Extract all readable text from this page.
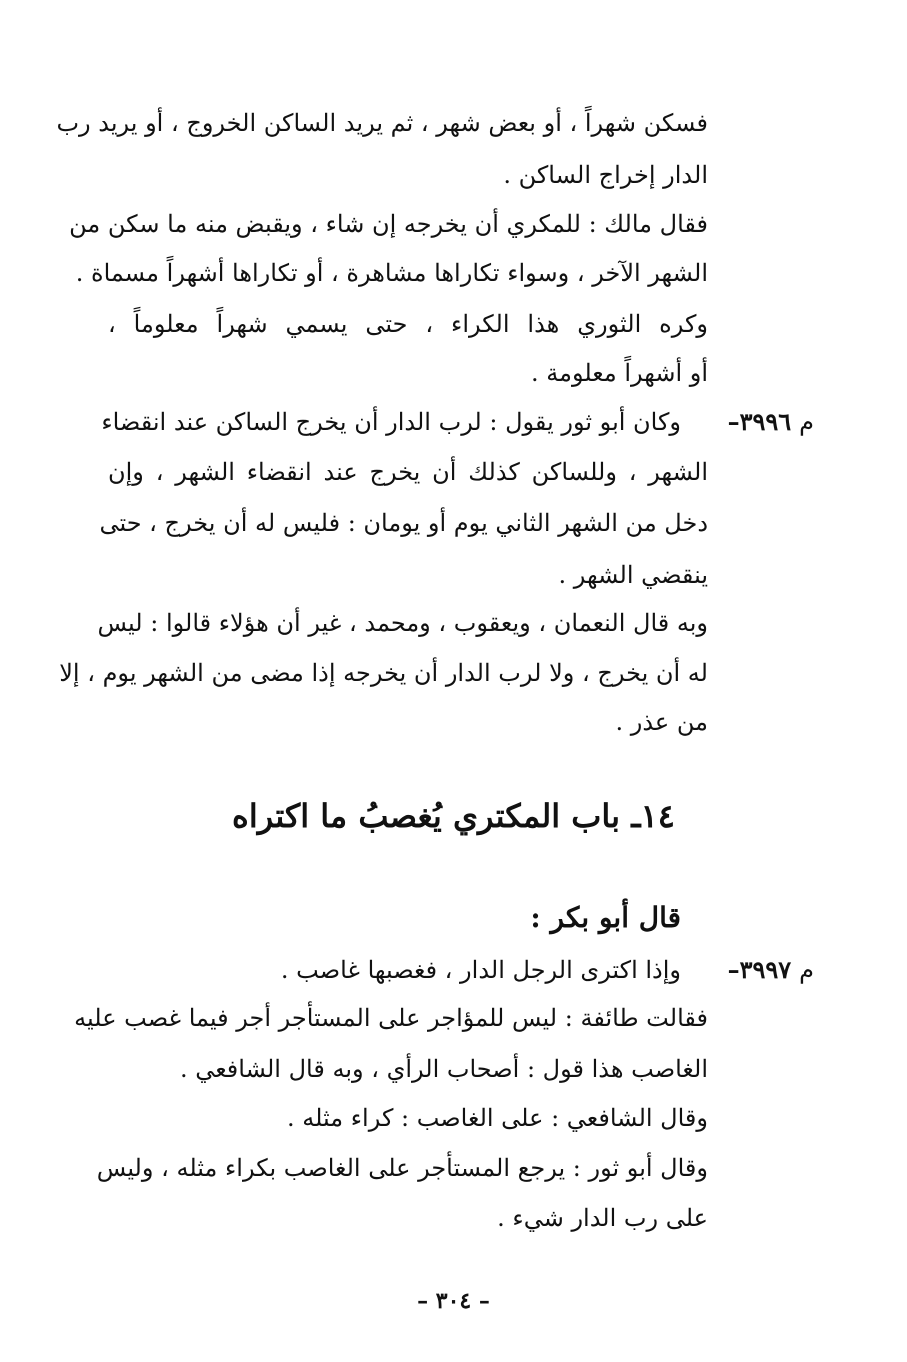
فسكن شهراً ، أو بعض شهر ، ثم يريد الساكن الخروج ، أو يريد رب
الدار إخراج الساكن .
فقال مالك : للمكري أن يخرجه إن شاء ، ويقبض منه ما سكن من
الشهر الآخر ، وسواء تكاراها مشاهرة ، أو تكاراها أشهراً مسماة .
وكره الثوري هذا الكراء ، حتى يسمي شهراً معلوماً ،
أو أشهراً معلومة .
م٣٩٩٦–
وكان أبو ثور يقول : لرب الدار أن يخرج الساكن عند انقضاء
الشهر ، وللساكن كذلك أن يخرج عند انقضاء الشهر ، وإن
دخل من الشهر الثاني يوم أو يومان : فليس له أن يخرج ، حتى
ينقضي الشهر .
وبه قال النعمان ، ويعقوب ، ومحمد ، غير أن هؤلاء قالوا : ليس
له أن يخرج ، ولا لرب الدار أن يخرجه إذا مضى من الشهر يوم ، إلا
من عذر .
١٤ـ باب المكتري يُغصبُ ما اكتراه
قال أبو بكر :
م٣٩٩٧–
وإذا اكترى الرجل الدار ، فغصبها غاصب .
فقالت طائفة : ليس للمؤاجر على المستأجر أجر فيما غصب عليه
الغاصب هذا قول : أصحاب الرأي ، وبه قال الشافعي .
وقال الشافعي : على الغاصب : كراء مثله .
وقال أبو ثور : يرجع المستأجر على الغاصب بكراء مثله ، وليس
على رب الدار شيء .
– ٣٠٤ –
